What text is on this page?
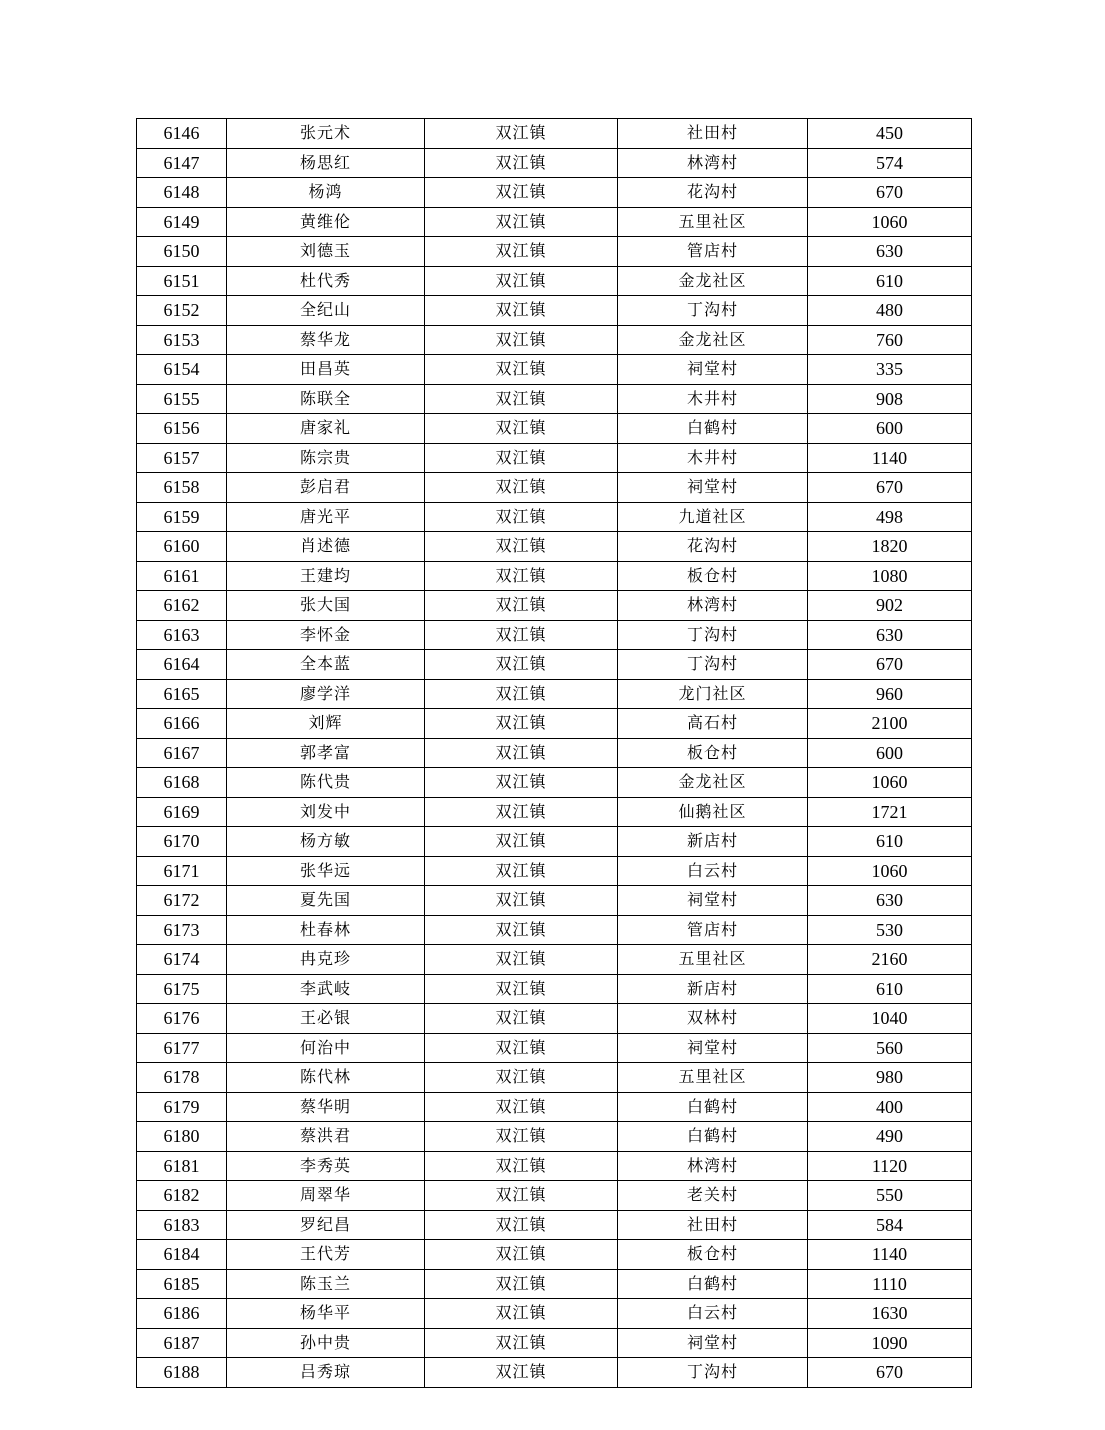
6146	张元术	双江镇	社田村	450
6147	杨思红	双江镇	林湾村	574
6148	杨鸿	双江镇	花沟村	670
6149	黄维伦	双江镇	五里社区	1060
6150	刘德玉	双江镇	管店村	630
6151	杜代秀	双江镇	金龙社区	610
6152	全纪山	双江镇	丁沟村	480
6153	蔡华龙	双江镇	金龙社区	760
6154	田昌英	双江镇	祠堂村	335
6155	陈联全	双江镇	木井村	908
6156	唐家礼	双江镇	白鹤村	600
6157	陈宗贵	双江镇	木井村	1140
6158	彭启君	双江镇	祠堂村	670
6159	唐光平	双江镇	九道社区	498
6160	肖述德	双江镇	花沟村	1820
6161	王建均	双江镇	板仓村	1080
6162	张大国	双江镇	林湾村	902
6163	李怀金	双江镇	丁沟村	630
6164	全本蓝	双江镇	丁沟村	670
6165	廖学洋	双江镇	龙门社区	960
6166	刘辉	双江镇	高石村	2100
6167	郭孝富	双江镇	板仓村	600
6168	陈代贵	双江镇	金龙社区	1060
6169	刘发中	双江镇	仙鹅社区	1721
6170	杨方敏	双江镇	新店村	610
6171	张华远	双江镇	白云村	1060
6172	夏先国	双江镇	祠堂村	630
6173	杜春林	双江镇	管店村	530
6174	冉克珍	双江镇	五里社区	2160
6175	李武岐	双江镇	新店村	610
6176	王必银	双江镇	双林村	1040
6177	何治中	双江镇	祠堂村	560
6178	陈代林	双江镇	五里社区	980
6179	蔡华明	双江镇	白鹤村	400
6180	蔡洪君	双江镇	白鹤村	490
6181	李秀英	双江镇	林湾村	1120
6182	周翠华	双江镇	老关村	550
6183	罗纪昌	双江镇	社田村	584
6184	王代芳	双江镇	板仓村	1140
6185	陈玉兰	双江镇	白鹤村	1110
6186	杨华平	双江镇	白云村	1630
6187	孙中贵	双江镇	祠堂村	1090
6188	吕秀琼	双江镇	丁沟村	670
